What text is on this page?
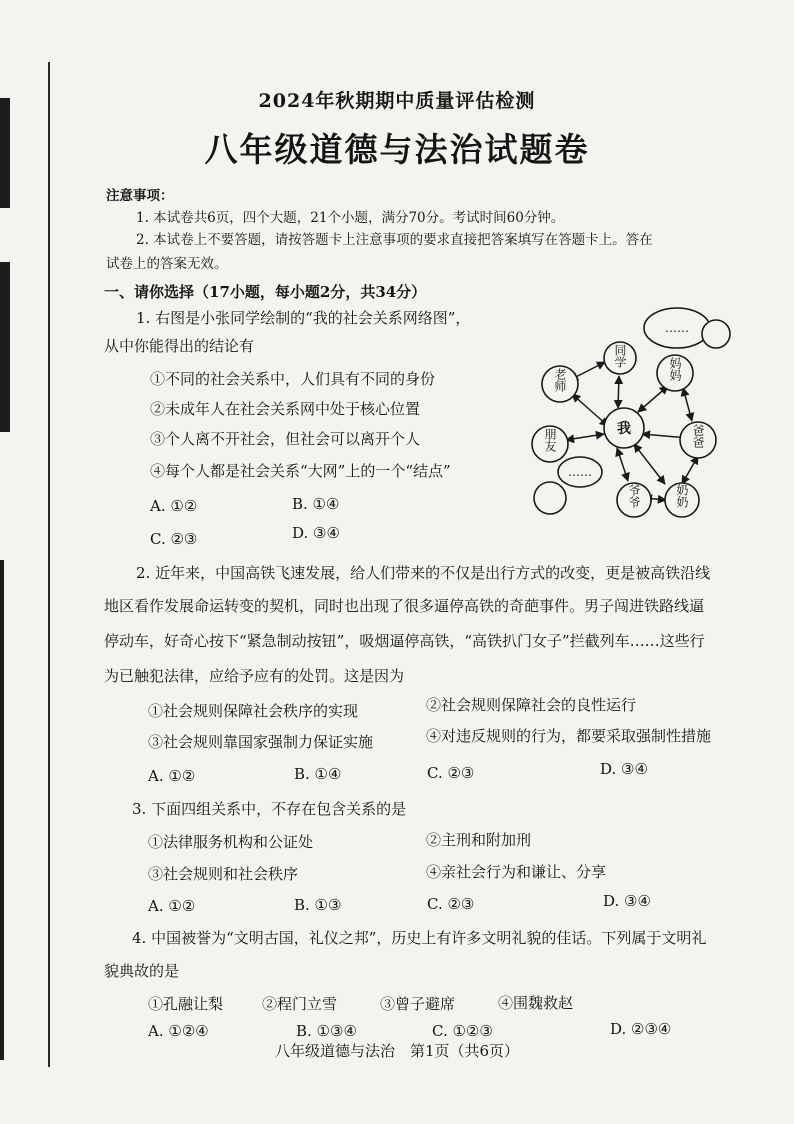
2024年秋期期中质量评估检测
八年级道德与法治试题卷
注意事项：
1. 本试卷共6页，四个大题，21个小题，满分70分。考试时间60分钟。
2. 本试卷上不要答题，请按答题卡上注意事项的要求直接把答案填写在答题卡上。答在
试卷上的答案无效。
一、请你选择（17小题，每小题2分，共34分）
1. 右图是小张同学绘制的“我的社会关系网络图”，
从中你能得出的结论有
①不同的社会关系中，人们具有不同的身份
②未成年人在社会关系网中处于核心位置
③个人离不开社会，但社会可以离开个人
④每个人都是社会关系“大网”上的一个“结点”
A. ①②	B. ①④
C. ②③	D. ③④
……
……
我
同学
妈妈
老师
朋友	爸爸
爷爷	奶奶
2. 近年来，中国高铁飞速发展，给人们带来的不仅是出行方式的改变，更是被高铁沿线
地区看作发展命运转变的契机，同时也出现了很多逼停高铁的奇葩事件。男子闯进铁路线逼
停动车，好奇心按下“紧急制动按钮”，吸烟逼停高铁，“高铁扒门女子”拦截列车……这些行
为已触犯法律，应给予应有的处罚。这是因为
①社会规则保障社会秩序的实现	②社会规则保障社会的良性运行
③社会规则靠国家强制力保证实施	④对违反规则的行为，都要采取强制性措施
A. ①②	B. ①④	C. ②③	D. ③④
3. 下面四组关系中，不存在包含关系的是
①法律服务机构和公证处	②主刑和附加刑
③社会规则和社会秩序	④亲社会行为和谦让、分享
A. ①②	B. ①③	C. ②③	D. ③④
4. 中国被誉为“文明古国，礼仪之邦”，历史上有许多文明礼貌的佳话。下列属于文明礼
貌典故的是
①孔融让梨	②程门立雪	③曾子避席	④围魏救赵
A. ①②④	B. ①③④	C. ①②③	D. ②③④
八年级道德与法治　第1页（共6页）
